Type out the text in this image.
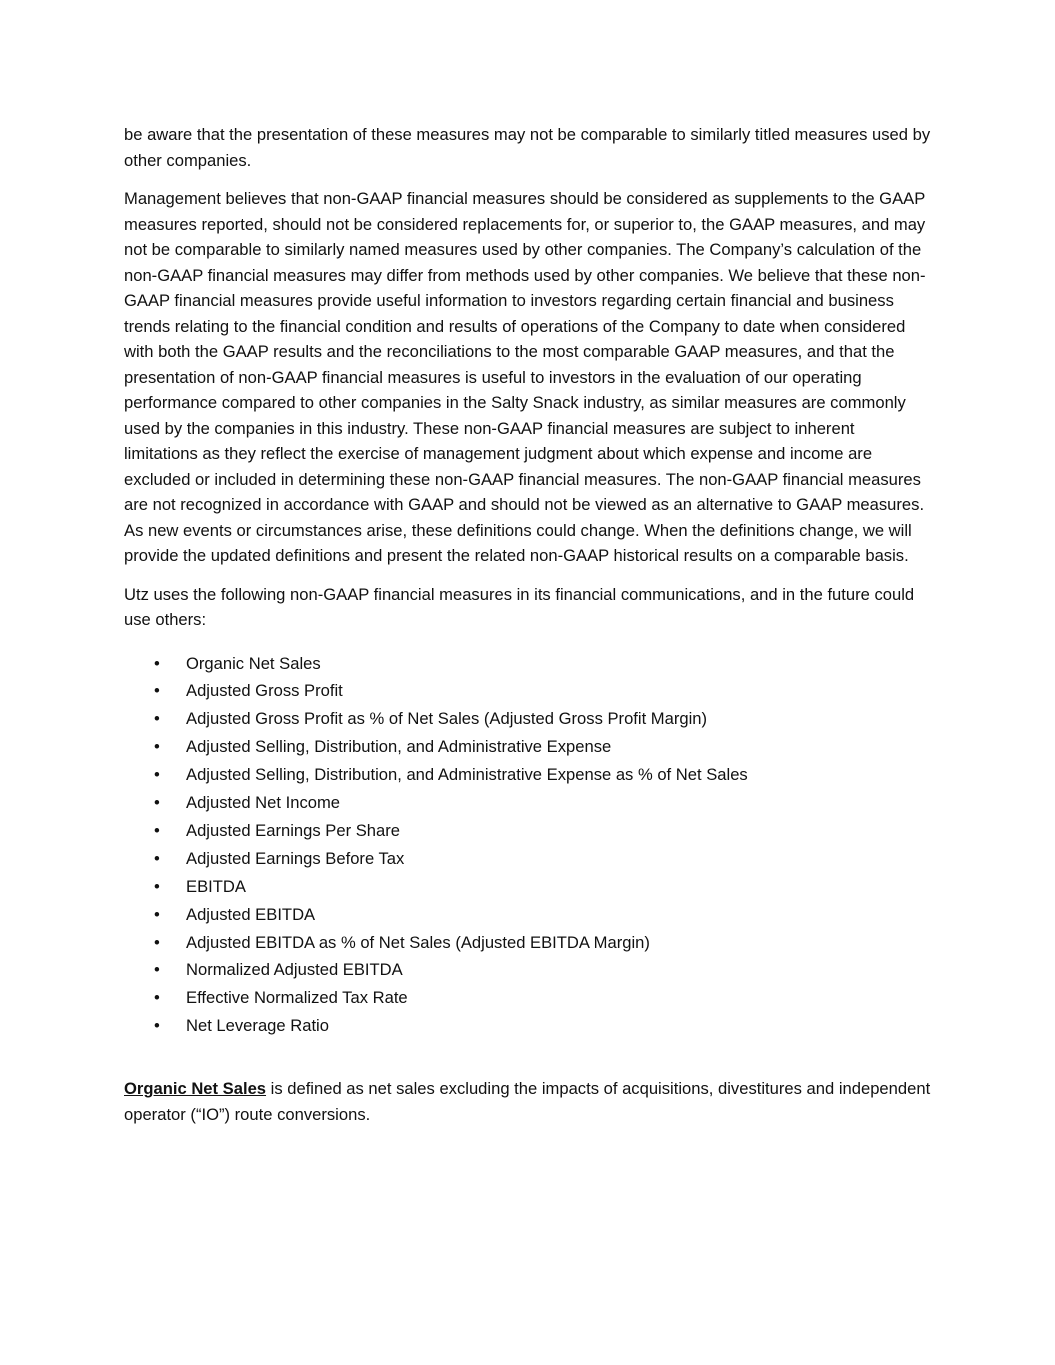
be aware that the presentation of these measures may not be comparable to similarly titled measures used by other companies.

Management believes that non-GAAP financial measures should be considered as supplements to the GAAP measures reported, should not be considered replacements for, or superior to, the GAAP measures, and may not be comparable to similarly named measures used by other companies. The Company’s calculation of the non-GAAP financial measures may differ from methods used by other companies. We believe that these non-GAAP financial measures provide useful information to investors regarding certain financial and business trends relating to the financial condition and results of operations of the Company to date when considered with both the GAAP results and the reconciliations to the most comparable GAAP measures, and that the presentation of non-GAAP financial measures is useful to investors in the evaluation of our operating performance compared to other companies in the Salty Snack industry, as similar measures are commonly used by the companies in this industry. These non-GAAP financial measures are subject to inherent limitations as they reflect the exercise of management judgment about which expense and income are excluded or included in determining these non-GAAP financial measures. The non-GAAP financial measures are not recognized in accordance with GAAP and should not be viewed as an alternative to GAAP measures. As new events or circumstances arise, these definitions could change. When the definitions change, we will provide the updated definitions and present the related non-GAAP historical results on a comparable basis.

Utz uses the following non-GAAP financial measures in its financial communications, and in the future could use others:

• Organic Net Sales
• Adjusted Gross Profit
• Adjusted Gross Profit as % of Net Sales (Adjusted Gross Profit Margin)
• Adjusted Selling, Distribution, and Administrative Expense
• Adjusted Selling, Distribution, and Administrative Expense as % of Net Sales
• Adjusted Net Income
• Adjusted Earnings Per Share
• Adjusted Earnings Before Tax
• EBITDA
• Adjusted EBITDA
• Adjusted EBITDA as % of Net Sales (Adjusted EBITDA Margin)
• Normalized Adjusted EBITDA
• Effective Normalized Tax Rate
• Net Leverage Ratio

Organic Net Sales is defined as net sales excluding the impacts of acquisitions, divestitures and independent operator (“IO”) route conversions.
